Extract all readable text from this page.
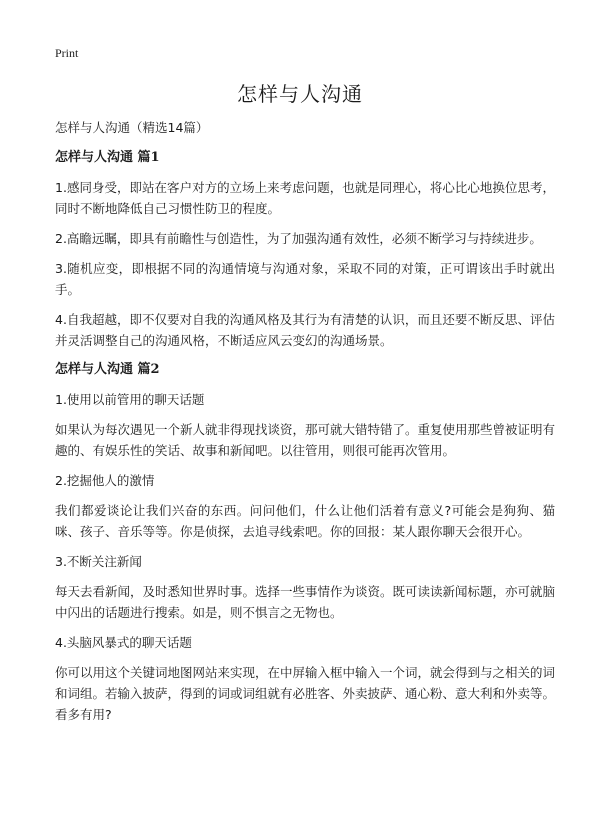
Print
怎样与人沟通

怎样与人沟通（精选14篇）

怎样与人沟通 篇1

1.感同身受，即站在客户对方的立场上来考虑问题，也就是同理心，将心比心地换位思考，同时不断地降低自己习惯性防卫的程度。

2.高瞻远瞩，即具有前瞻性与创造性，为了加强沟通有效性，必须不断学习与持续进步。

3.随机应变，即根据不同的沟通情境与沟通对象，采取不同的对策，正可谓该出手时就出手。

4.自我超越，即不仅要对自我的沟通风格及其行为有清楚的认识，而且还要不断反思、评估并灵活调整自己的沟通风格，不断适应风云变幻的沟通场景。

怎样与人沟通 篇2

1.使用以前管用的聊天话题

如果认为每次遇见一个新人就非得现找谈资，那可就大错特错了。重复使用那些曾被证明有趣的、有娱乐性的笑话、故事和新闻吧。以往管用，则很可能再次管用。

2.挖掘他人的激情

我们都爱谈论让我们兴奋的东西。问问他们，什么让他们活着有意义?可能会是狗狗、猫咪、孩子、音乐等等。你是侦探，去追寻线索吧。你的回报：某人跟你聊天会很开心。

3.不断关注新闻

每天去看新闻，及时悉知世界时事。选择一些事情作为谈资。既可读读新闻标题，亦可就脑中闪出的话题进行搜索。如是，则不惧言之无物也。

4.头脑风暴式的聊天话题

你可以用这个关键词地图网站来实现，在中屏输入框中输入一个词，就会得到与之相关的词和词组。若输入披萨，得到的词或词组就有必胜客、外卖披萨、通心粉、意大利和外卖等。看多有用?
